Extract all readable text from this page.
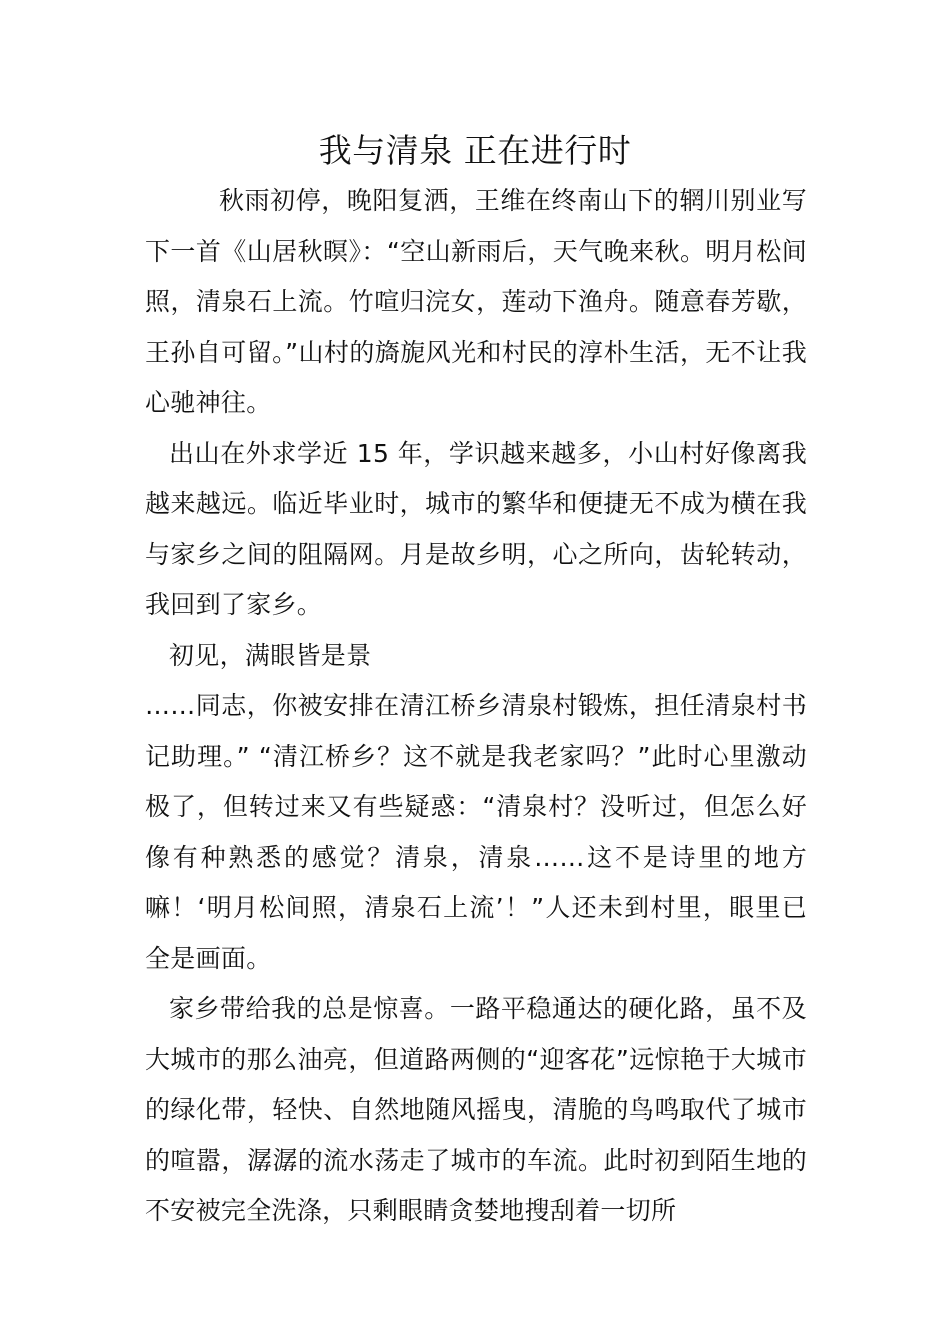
我与清泉 正在进行时

秋雨初停，晚阳复洒，王维在终南山下的辋川别业写下一首《山居秋暝》：“空山新雨后，天气晚来秋。明月松间照，清泉石上流。竹喧归浣女，莲动下渔舟。随意春芳歇，王孙自可留。”山村的旖旎风光和村民的淳朴生活，无不让我心驰神往。

出山在外求学近 15 年，学识越来越多，小山村好像离我越来越远。临近毕业时，城市的繁华和便捷无不成为横在我与家乡之间的阻隔网。月是故乡明，心之所向，齿轮转动，我回到了家乡。

初见，满眼皆是景

……同志，你被安排在清江桥乡清泉村锻炼，担任清泉村书记助理。” “清江桥乡？这不就是我老家吗？”此时心里激动极了，但转过来又有些疑惑：“清泉村？没听过，但怎么好像有种熟悉的感觉？清泉，清泉……这不是诗里的地方嘛！‘明月松间照，清泉石上流’！”人还未到村里，眼里已全是画面。

家乡带给我的总是惊喜。一路平稳通达的硬化路，虽不及大城市的那么油亮，但道路两侧的“迎客花”远惊艳于大城市的绿化带，轻快、自然地随风摇曳，清脆的鸟鸣取代了城市的喧嚣，潺潺的流水荡走了城市的车流。此时初到陌生地的不安被完全洗涤，只剩眼睛贪婪地搜刮着一切所
